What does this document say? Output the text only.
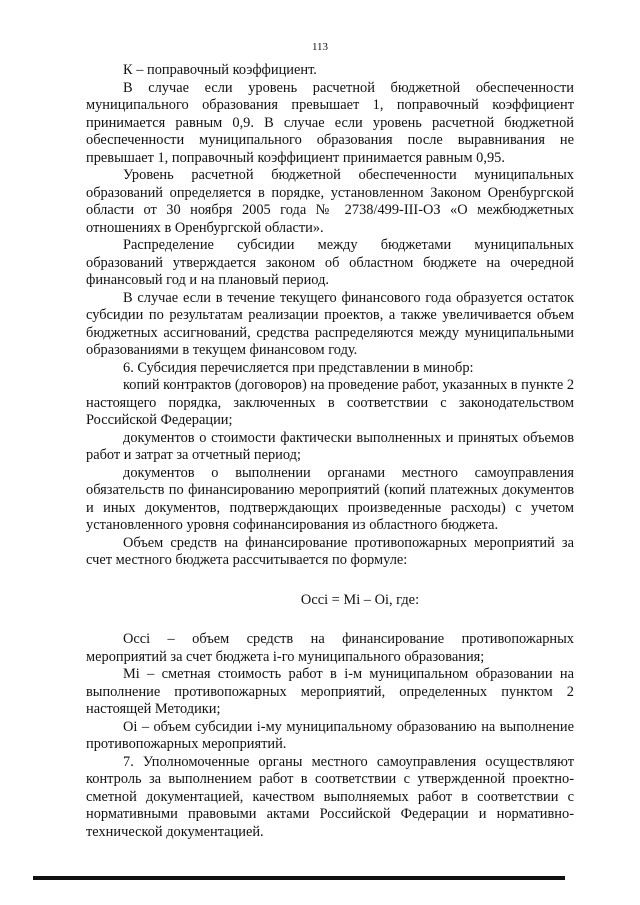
113

К – поправочный коэффициент.

В случае если уровень расчетной бюджетной обеспеченности муниципального образования превышает 1, поправочный коэффициент принимается равным 0,9. В случае если уровень расчетной бюджетной обеспеченности муниципального образования после выравнивания не превышает 1, поправочный коэффициент принимается равным 0,95.

Уровень расчетной бюджетной обеспеченности муниципальных образований определяется в порядке, установленном Законом Оренбургской области от 30 ноября 2005 года № 2738/499-III-ОЗ «О межбюджетных отношениях в Оренбургской области».

Распределение субсидии между бюджетами муниципальных образований утверждается законом об областном бюджете на очередной финансовый год и на плановый период.

В случае если в течение текущего финансового года образуется остаток субсидии по результатам реализации проектов, а также увеличивается объем бюджетных ассигнований, средства распределяются между муниципальными образованиями в текущем финансовом году.

6. Субсидия перечисляется при представлении в минобр:

копий контрактов (договоров) на проведение работ, указанных в пункте 2 настоящего порядка, заключенных в соответствии с законодательством Российской Федерации;

документов о стоимости фактически выполненных и принятых объемов работ и затрат за отчетный период;

документов о выполнении органами местного самоуправления обязательств по финансированию мероприятий (копий платежных документов и иных документов, подтверждающих произведенные расходы) с учетом установленного уровня софинансирования из областного бюджета.

Объем средств на финансирование противопожарных мероприятий за счет местного бюджета рассчитывается по формуле:

Occi = Mi – Oi, где:

Occi – объем средств на финансирование противопожарных мероприятий за счет бюджета i-го муниципального образования;

Mi – сметная стоимость работ в i-м муниципальном образовании на выполнение противопожарных мероприятий, определенных пунктом 2 настоящей Методики;

Oi – объем субсидии i-му муниципальному образованию на выполнение противопожарных мероприятий.

7. Уполномоченные органы местного самоуправления осуществляют контроль за выполнением работ в соответствии с утвержденной проектно-сметной документацией, качеством выполняемых работ в соответствии с нормативными правовыми актами Российской Федерации и нормативно-технической документацией.
